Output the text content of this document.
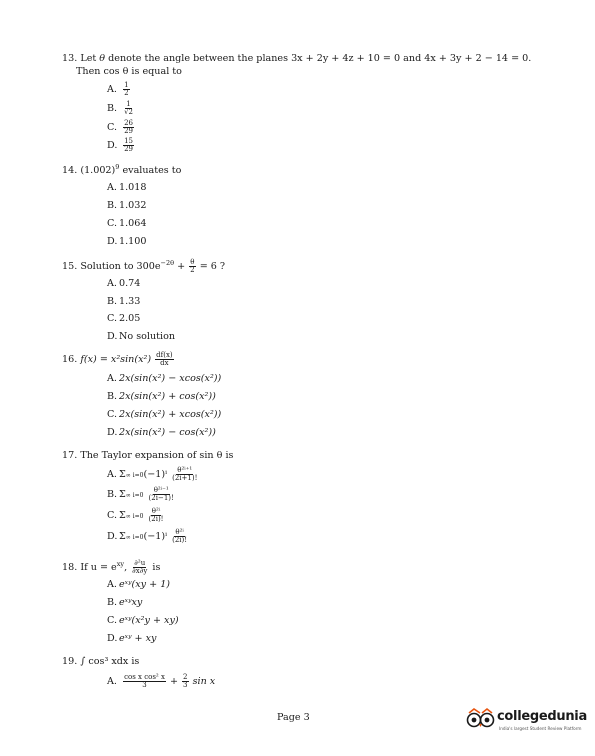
13. Let θ denote the angle between the planes 3x + 2y + 4z + 10 = 0 and 4x + 3y + 2 − 14 = 0.
Then cos θ is equal to
A. $\frac{1}{2}$
B. $\frac{1}{√2}$
C. $\frac{26}{29}$
D. $\frac{15}{29}$
14. $(1.002)^9$ evaluates to
A. 1.018
B. 1.032
C. 1.064
D. 1.100
15. Solution to $300e^{-2\theta} + \frac{\theta}{2} = 6$ ?
A. 0.74
B. 1.33
C. 2.05
D. No solution
16. $f(x) = x^2\sin(x^2) \frac{df(x)}{dx}$
A. 2x(sin(x²) − xcos(x²))
B. 2x(sin(x²) + cos(x²))
C. 2x(sin(x²) + xcos(x²))
D. 2x(sin(x²) − cos(x²))
17. The Taylor expansion of sin θ is
A. Σ∞ $i=0(-1)^i \frac{\text{θ²ⁱ⁺¹}}{(2i+1)!}$
B. Σ∞ $i=0 \frac{\text{θ²ⁱ⁻¹}}{(2i-1)!}$
C. Σ∞ $i=0 \frac{\text{θ²ⁱ}}{(2i)!}$
D. Σ∞ $i=0(-1)^i \frac{\text{θ²ⁱ}}{(2i)!}$
18. If $u = e^{xy}$, $\frac{\text{∂²u}}{\partial x\partial y}$ is
A. eˣʸ(xy + 1)
B. eˣʸxy
C. eˣʸ(x²y + xy)
D. eˣʸ + xy
19. ∫ cos³ xdx is
A. $\frac{\text{cos x cos² x}}{3} + \frac{2}{3}$ sin x
Page 3	collegedunia
India's largest Student Review Platform
